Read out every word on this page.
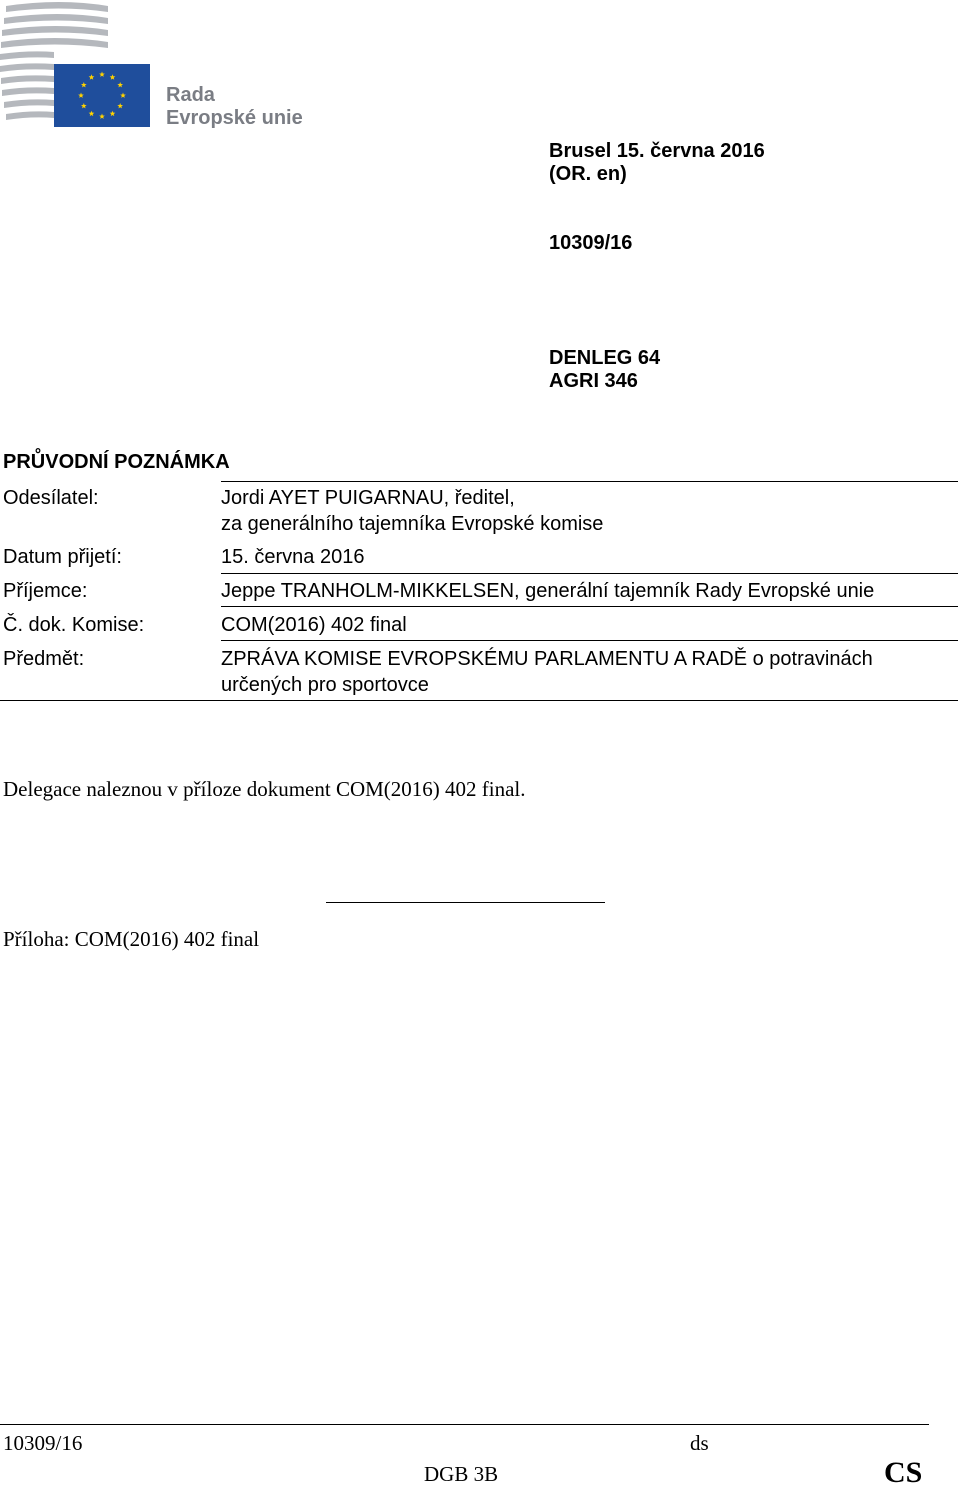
Rada
Evropské unie
Brusel 15. června 2016
(OR. en)
10309/16
DENLEG 64
AGRI 346
PRŮVODNÍ POZNÁMKA
Odesílatel:	Jordi AYET PUIGARNAU, ředitel,
za generálního tajemníka Evropské komise
Datum přijetí:	15. června 2016
Příjemce:	Jeppe TRANHOLM-MIKKELSEN, generální tajemník Rady Evropské unie
Č. dok. Komise:	COM(2016) 402 final
Předmět:	ZPRÁVA KOMISE EVROPSKÉMU PARLAMENTU A RADĚ o potravinách
určených pro sportovce
Delegace naleznou v příloze dokument COM(2016) 402 final.
Příloha: COM(2016) 402 final
10309/16	ds
DGB 3B	CS
